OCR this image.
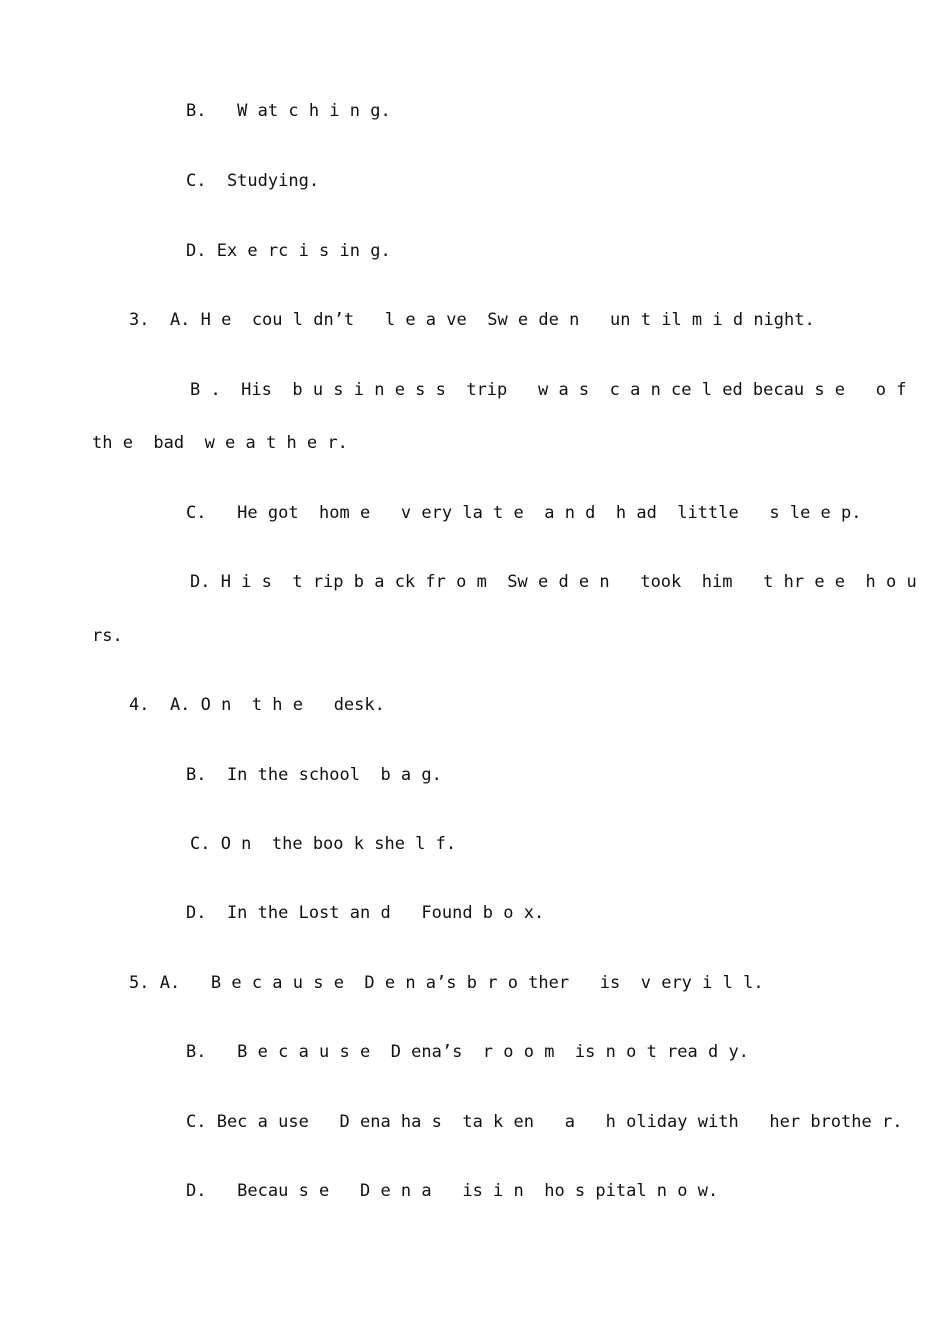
B.   W at c h i n g.

C.  Studying.

D. Ex e rc i s in g.

3.  A. H e  cou l dn’t   l e a ve  Sw e de n   un t il m i d night.

B .  His  b u s i n e s s  trip   w a s  c a n ce l ed becau s e   o f

th e  bad  w e a t h e r.

C.   He got  hom e   v ery la t e  a n d  h ad  little   s le e p.

D. H i s  t rip b a ck fr o m  Sw e d e n   took  him   t hr e e  h o u

rs.

4.  A. O n  t h e   desk.

B.  In the school  b a g.

C. O n  the boo k she l f.

D.  In the Lost an d   Found b o x.

5. A.   B e c a u s e  D e n a’s b r o ther   is  v ery i l l.

B.   B e c a u s e  D ena’s  r o o m  is n o t rea d y.

C. Bec a use   D ena ha s  ta k en   a   h oliday with   her brothe r.

D.   Becau s e   D e n a   is i n  ho s pital n o w.
